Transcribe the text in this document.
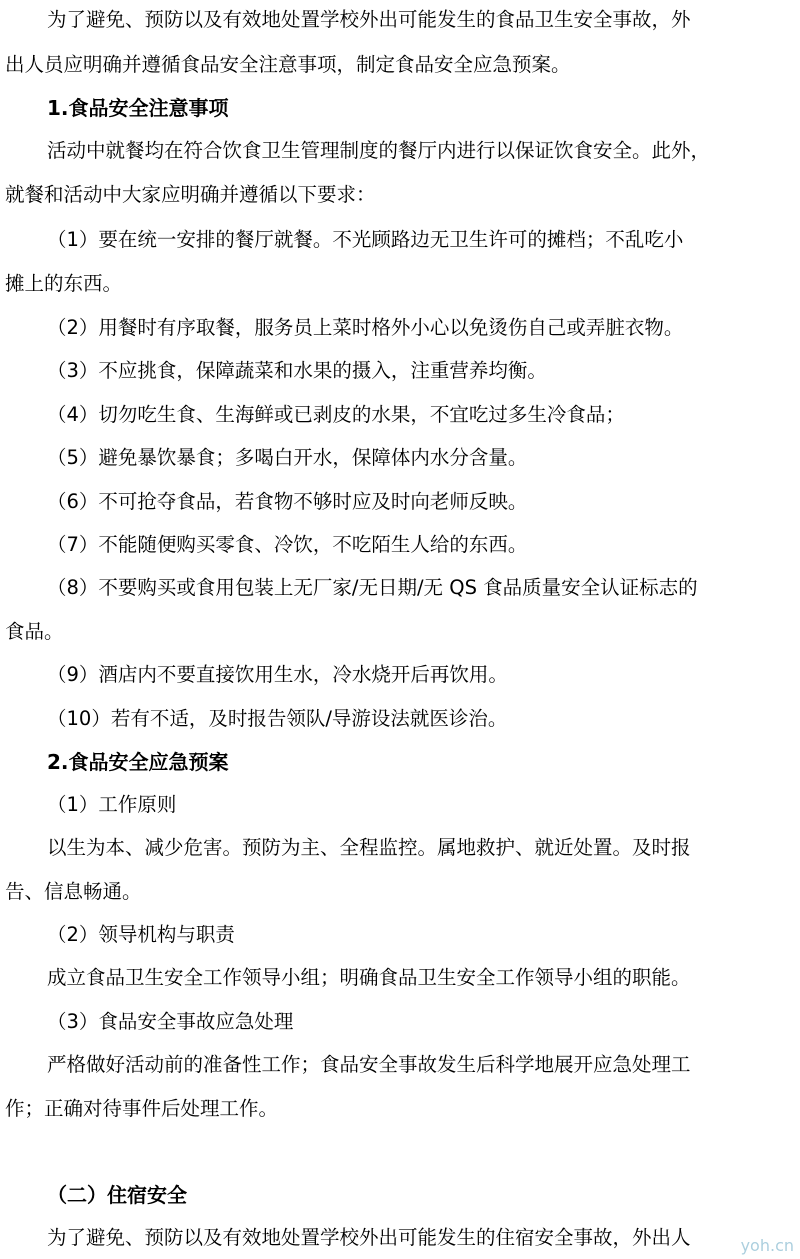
为了避免、预防以及有效地处置学校外出可能发生的食品卫生安全事故，外
出人员应明确并遵循食品安全注意事项，制定食品安全应急预案。
1.食品安全注意事项
活动中就餐均在符合饮食卫生管理制度的餐厅内进行以保证饮食安全。此外，
就餐和活动中大家应明确并遵循以下要求：
（1）要在统一安排的餐厅就餐。不光顾路边无卫生许可的摊档；不乱吃小
摊上的东西。
（2）用餐时有序取餐，服务员上菜时格外小心以免烫伤自己或弄脏衣物。
（3）不应挑食，保障蔬菜和水果的摄入，注重营养均衡。
（4）切勿吃生食、生海鲜或已剥皮的水果，不宜吃过多生冷食品；
（5）避免暴饮暴食；多喝白开水，保障体内水分含量。
（6）不可抢夺食品，若食物不够时应及时向老师反映。
（7）不能随便购买零食、冷饮，不吃陌生人给的东西。
（8）不要购买或食用包装上无厂家/无日期/无 QS 食品质量安全认证标志的
食品。
（9）酒店内不要直接饮用生水，冷水烧开后再饮用。
（10）若有不适，及时报告领队/导游设法就医诊治。
2.食品安全应急预案
（1）工作原则
以生为本、减少危害。预防为主、全程监控。属地救护、就近处置。及时报
告、信息畅通。
（2）领导机构与职责
成立食品卫生安全工作领导小组；明确食品卫生安全工作领导小组的职能。
（3）食品安全事故应急处理
严格做好活动前的准备性工作；食品安全事故发生后科学地展开应急处理工
作；正确对待事件后处理工作。
（二）住宿安全
为了避免、预防以及有效地处置学校外出可能发生的住宿安全事故，外出人	yoh.cn
